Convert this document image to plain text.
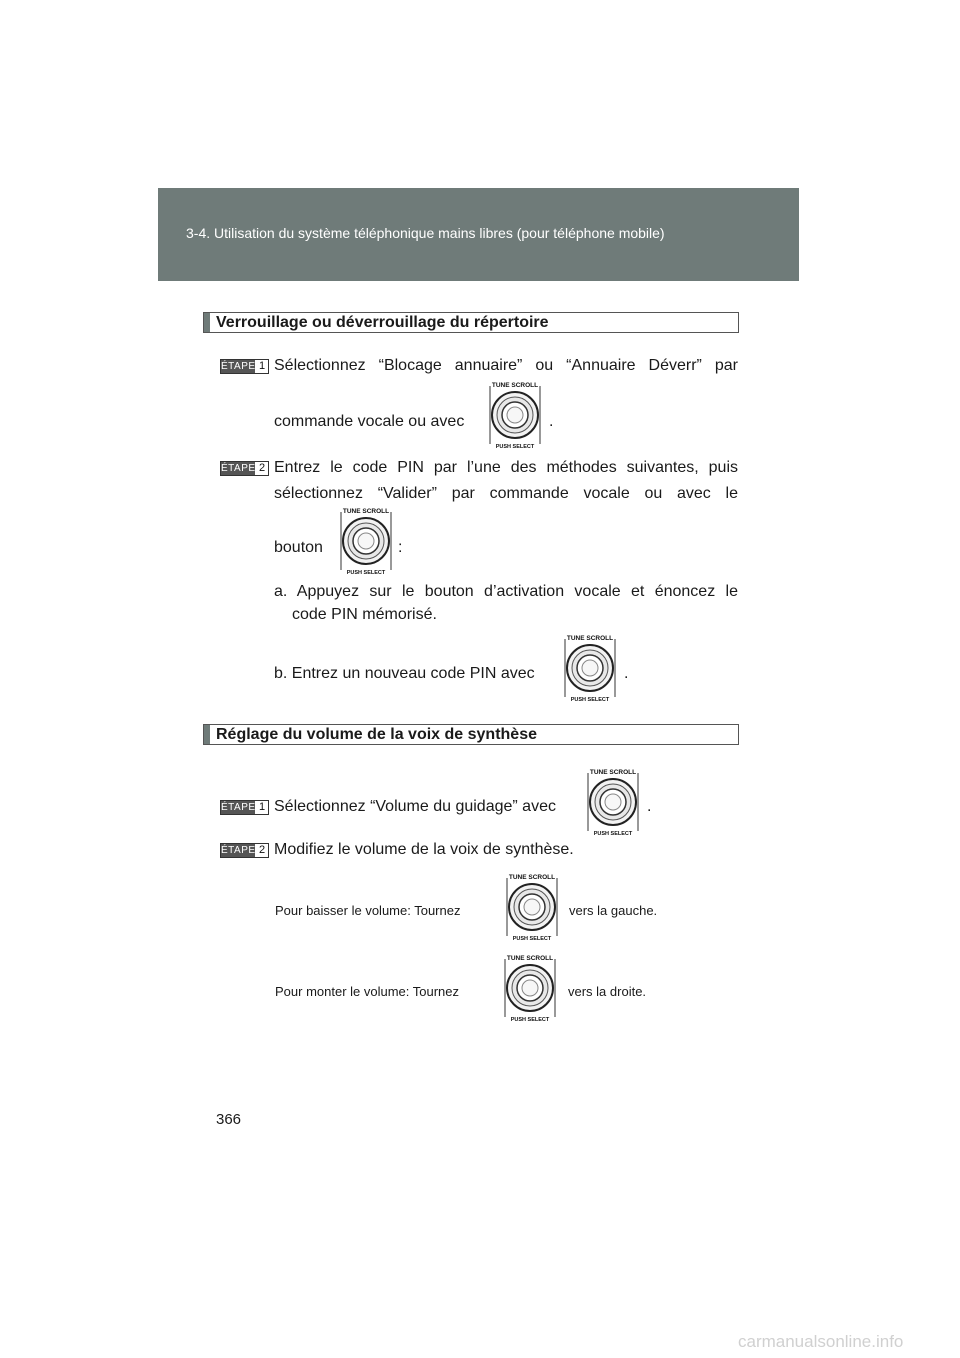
3-4. Utilisation du système téléphonique mains libres (pour téléphone mobile)
Verrouillage ou déverrouillage du répertoire
ÉTAPE 1 Sélectionnez “Blocage annuaire” ou “Annuaire Déverr” par
commande vocale ou avec
TUNE SCROLL
PUSH SELECT
.
ÉTAPE 2 Entrez le code PIN par l’une des méthodes suivantes, puis
sélectionnez “Valider” par commande vocale ou avec le
bouton
TUNE SCROLL
PUSH SELECT
:
a. Appuyez sur le bouton d’activation vocale et énoncez le
code PIN mémorisé.
b. Entrez un nouveau code PIN avec
TUNE SCROLL
PUSH SELECT
.
Réglage du volume de la voix de synthèse
ÉTAPE 1 Sélectionnez “Volume du guidage” avec
TUNE SCROLL
PUSH SELECT
.
ÉTAPE 2 Modifiez le volume de la voix de synthèse.
Pour baisser le volume: Tournez
TUNE SCROLL
PUSH SELECT
vers la gauche.
Pour monter le volume: Tournez
TUNE SCROLL
PUSH SELECT
vers la droite.
366
carmanualsonline.info
